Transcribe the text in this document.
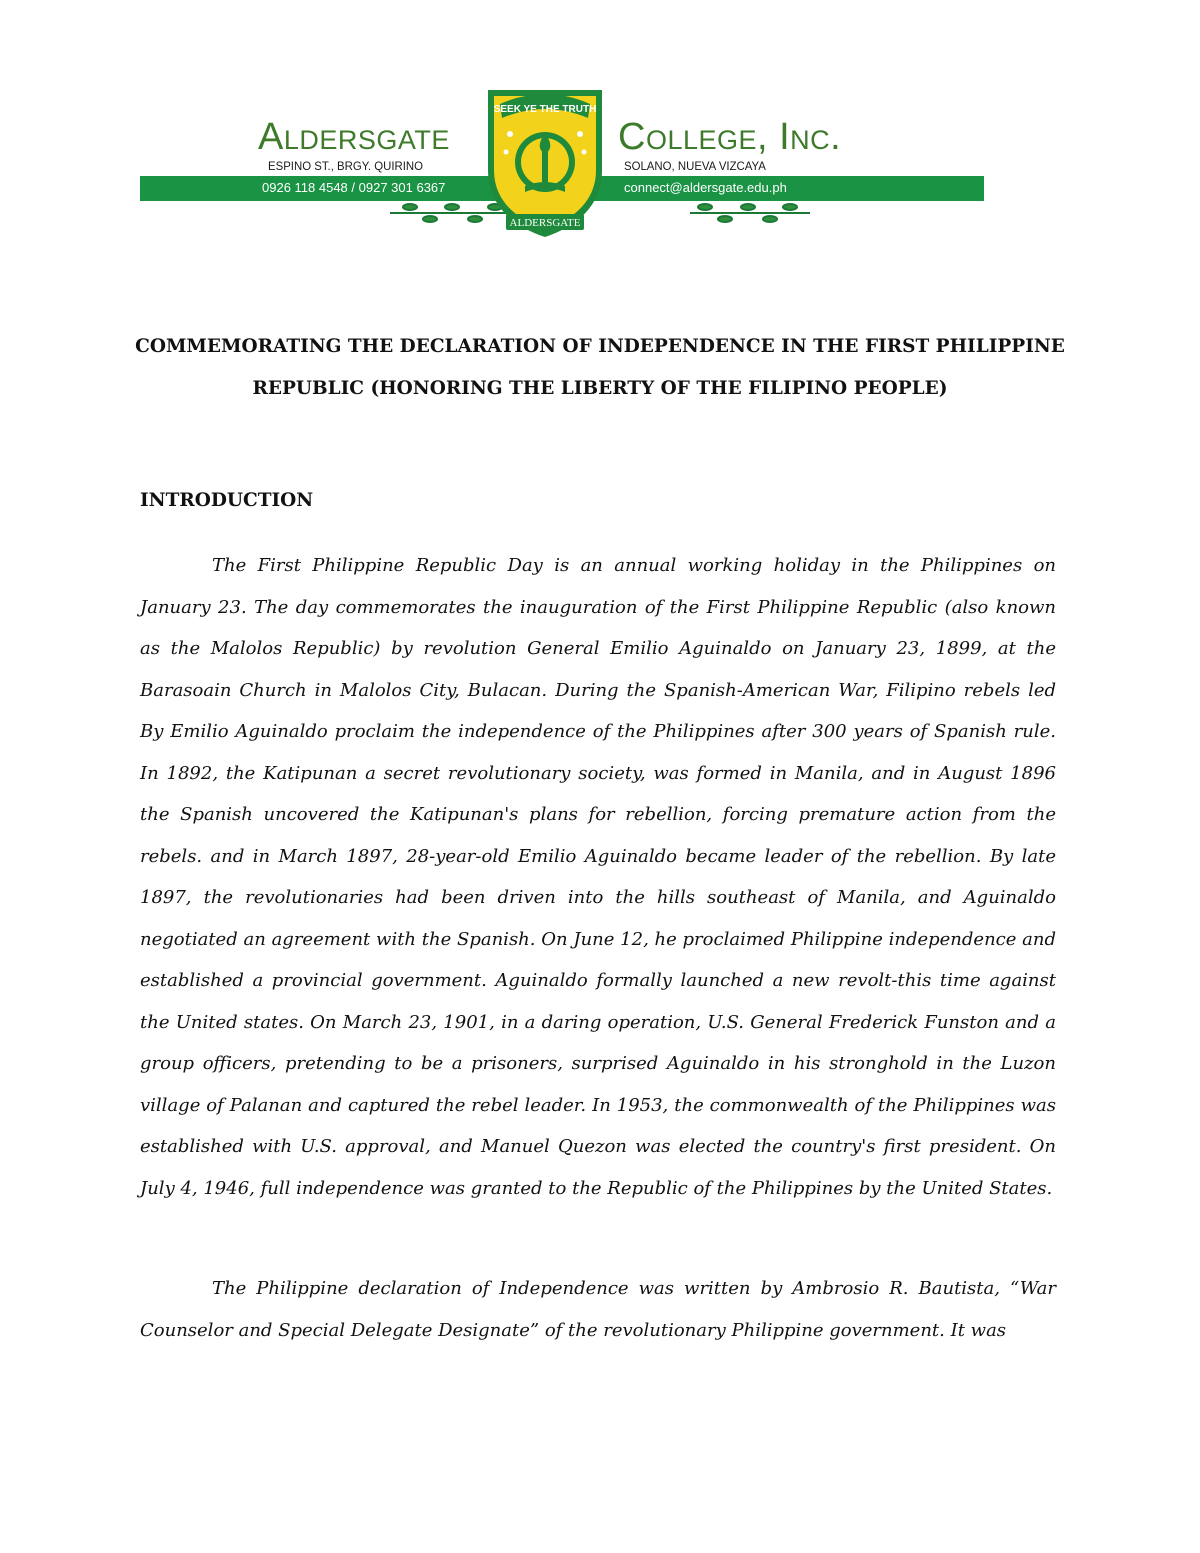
Aldersgate	College, Inc.
ESPINO ST., BRGY. QUIRINO	SOLANO, NUEVA VIZCAYA
0926 118 4548 / 0927 301 6367	connect@aldersgate.edu.ph
SEEK YE THE TRUTH
ALDERSGATE
COMMEMORATING THE DECLARATION OF INDEPENDENCE IN THE FIRST PHILIPPINE REPUBLIC (HONORING THE LIBERTY OF THE FILIPINO PEOPLE)
INTRODUCTION

The First Philippine Republic Day is an annual working holiday in the Philippines on January 23. The day commemorates the inauguration of the First Philippine Republic (also known as the Malolos Republic) by revolution General Emilio Aguinaldo on January 23, 1899, at the Barasoain Church in Malolos City, Bulacan. During the Spanish-American War, Filipino rebels led By Emilio Aguinaldo proclaim the independence of the Philippines after 300 years of Spanish rule. In 1892, the Katipunan a secret revolutionary society, was formed in Manila, and in August 1896 the Spanish uncovered the Katipunan's plans for rebellion, forcing premature action from the rebels. and in March 1897, 28-year-old Emilio Aguinaldo became leader of the rebellion. By late 1897, the revolutionaries had been driven into the hills southeast of Manila, and Aguinaldo negotiated an agreement with the Spanish. On June 12, he proclaimed Philippine independence and established a provincial government. Aguinaldo formally launched a new revolt-this time against the United states. On March 23, 1901, in a daring operation, U.S. General Frederick Funston and a group officers, pretending to be a prisoners, surprised Aguinaldo in his stronghold in the Luzon village of Palanan and captured the rebel leader. In 1953, the commonwealth of the Philippines was established with U.S. approval, and Manuel Quezon was elected the country's first president. On July 4, 1946, full independence was granted to the Republic of the Philippines by the United States.

The Philippine declaration of Independence was written by Ambrosio R. Bautista, “War Counselor and Special Delegate Designate” of the revolutionary Philippine government. It was
